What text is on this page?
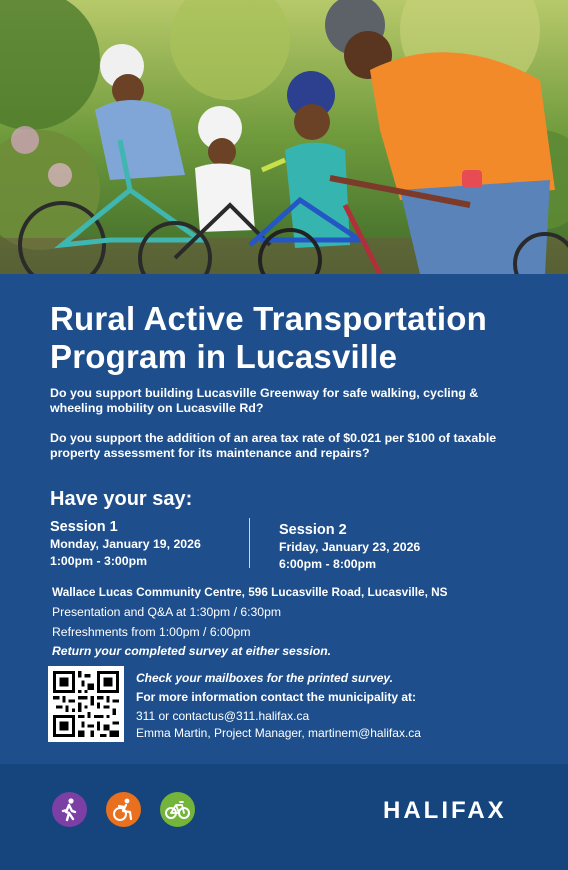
Rural Active Transportation
Program in Lucasville
Do you support building Lucasville Greenway for safe walking, cycling & wheeling mobility on Lucasville Rd?
Do you support the addition of an area tax rate of $0.021 per $100 of taxable property assessment for its maintenance and repairs?
Have your say:
Session 1
Monday, January 19, 2026
1:00pm - 3:00pm
Session 2
Friday, January 23, 2026
6:00pm - 8:00pm
Wallace Lucas Community Centre, 596 Lucasville Road, Lucasville, NS
Presentation and Q&A at 1:30pm / 6:30pm
Refreshments from 1:00pm / 6:00pm
Return your completed survey at either session.
Check your mailboxes for the printed survey.
For more information contact the municipality at:
311 or contactus@311.halifax.ca
Emma Martin, Project Manager, martinem@halifax.ca
HALIFAX
